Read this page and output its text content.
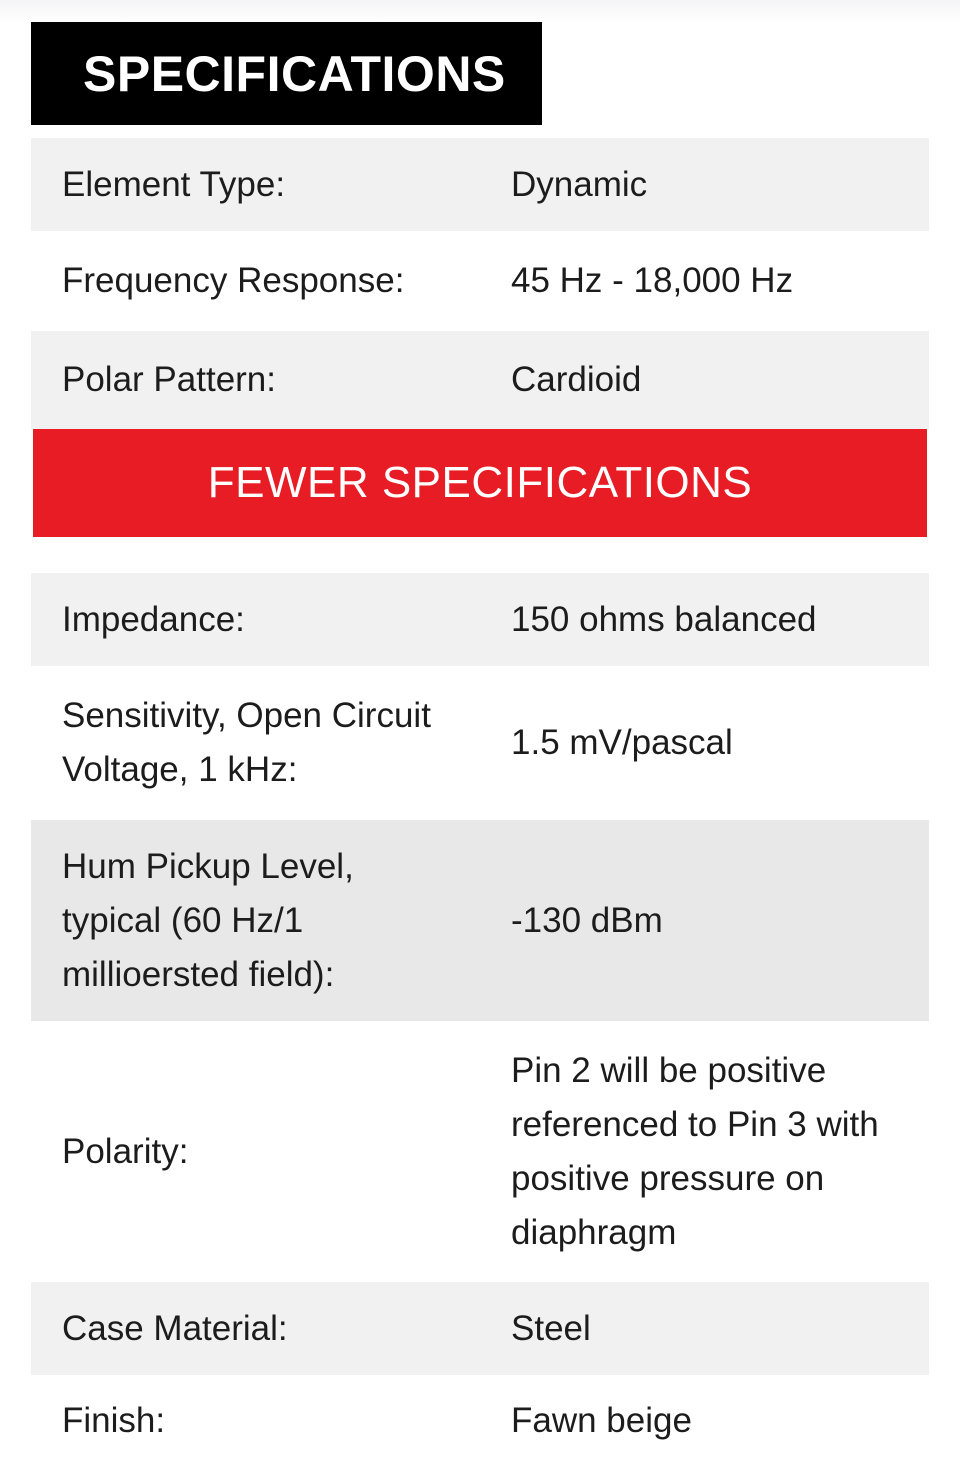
SPECIFICATIONS
Element Type:	Dynamic
Frequency Response:	45 Hz - 18,000 Hz
Polar Pattern:	Cardioid
FEWER SPECIFICATIONS
Impedance:	150 ohms balanced
Sensitivity, Open Circuit Voltage, 1 kHz:
1.5 mV/pascal
Hum Pickup Level, typical (60 Hz/1 millioersted field):
-130 dBm
Polarity:
Pin 2 will be positive referenced to Pin 3 with positive pressure on diaphragm
Case Material:	Steel
Finish:	Fawn beige
